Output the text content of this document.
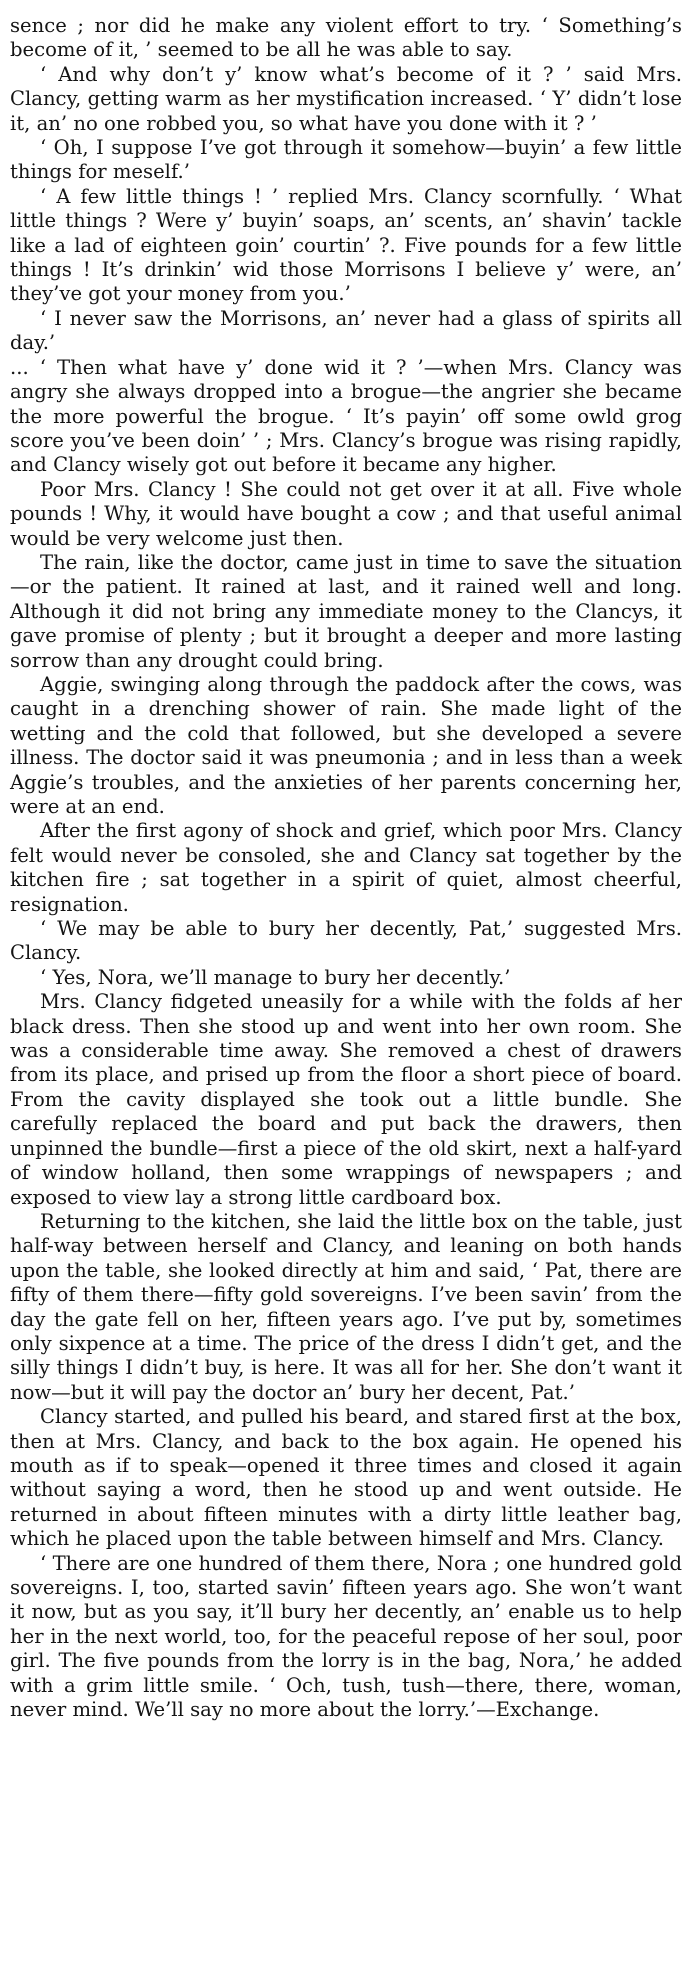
sence ; nor did he make any violent effort to try. ‘ Something’s become of it, ’ seemed to be all he was able to say.

‘ And why don’t y’ know what’s become of it ? ’ said Mrs. Clancy, getting warm as her mystification increased. ‘ Y’ didn’t lose it, an’ no one robbed you, so what have you done with it ? ’

‘ Oh, I suppose I’ve got through it somehow—buyin’ a few little things for meself.’

‘ A few little things ! ’ replied Mrs. Clancy scornfully. ‘ What little things ? Were y’ buyin’ soaps, an’ scents, an’ shavin’ tackle like a lad of eighteen goin’ courtin’ ?. Five pounds for a few little things ! It’s drinkin’ wid those Morrisons I believe y’ were, an’ they’ve got your money from you.’

‘ I never saw the Morrisons, an’ never had a glass of spirits all day.’

... ‘ Then what have y’ done wid it ? ’—when Mrs. Clancy was angry she always dropped into a brogue—the angrier she became the more powerful the brogue. ‘ It’s payin’ off some owld grog score you’ve been doin’ ’ ; Mrs. Clancy’s brogue was rising rapidly, and Clancy wisely got out before it became any higher.

Poor Mrs. Clancy ! She could not get over it at all. Five whole pounds ! Why, it would have bought a cow ; and that useful animal would be very welcome just then.

The rain, like the doctor, came just in time to save the situation—or the patient. It rained at last, and it rained well and long. Although it did not bring any immediate money to the Clancys, it gave promise of plenty ; but it brought a deeper and more lasting sorrow than any drought could bring.

Aggie, swinging along through the paddock after the cows, was caught in a drenching shower of rain. She made light of the wetting and the cold that followed, but she developed a severe illness. The doctor said it was pneumonia ; and in less than a week Aggie’s troubles, and the anxieties of her parents concerning her, were at an end.

After the first agony of shock and grief, which poor Mrs. Clancy felt would never be consoled, she and Clancy sat together by the kitchen fire ; sat together in a spirit of quiet, almost cheerful, resignation.

‘ We may be able to bury her decently, Pat,’ suggested Mrs. Clancy.

‘ Yes, Nora, we’ll manage to bury her decently.’

Mrs. Clancy fidgeted uneasily for a while with the folds af her black dress. Then she stood up and went into her own room. She was a considerable time away. She removed a chest of drawers from its place, and prised up from the floor a short piece of board. From the cavity displayed she took out a little bundle. She carefully replaced the board and put back the drawers, then unpinned the bundle—first a piece of the old skirt, next a half-yard of window holland, then some wrappings of newspapers ; and exposed to view lay a strong little cardboard box.

Returning to the kitchen, she laid the little box on the table, just half-way between herself and Clancy, and leaning on both hands upon the table, she looked directly at him and said, ‘ Pat, there are fifty of them there—fifty gold sovereigns. I’ve been savin’ from the day the gate fell on her, fifteen years ago. I’ve put by, sometimes only sixpence at a time. The price of the dress I didn’t get, and the silly things I didn’t buy, is here. It was all for her. She don’t want it now—but it will pay the doctor an’ bury her decent, Pat.’

Clancy started, and pulled his beard, and stared first at the box, then at Mrs. Clancy, and back to the box again. He opened his mouth as if to speak—opened it three times and closed it again without saying a word, then he stood up and went outside. He returned in about fifteen minutes with a dirty little leather bag, which he placed upon the table between himself and Mrs. Clancy.

‘ There are one hundred of them there, Nora ; one hundred gold sovereigns. I, too, started savin’ fifteen years ago. She won’t want it now, but as you say, it’ll bury her decently, an’ enable us to help her in the next world, too, for the peaceful repose of her soul, poor girl. The five pounds from the lorry is in the bag, Nora,’ he added with a grim little smile. ‘ Och, tush, tush—there, there, woman, never mind. We’ll say no more about the lorry.’—Exchange.
